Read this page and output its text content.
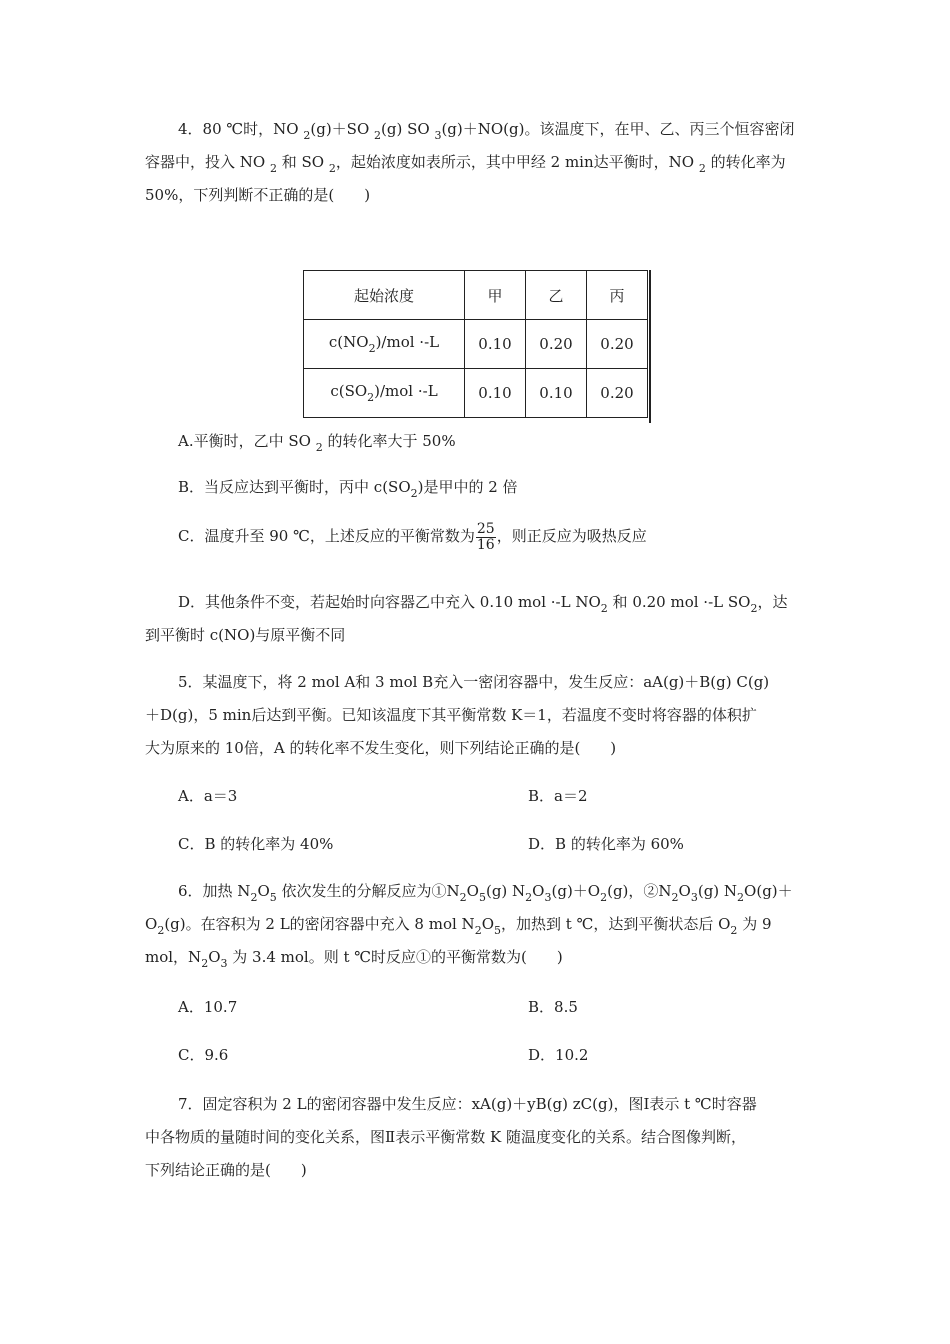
4．80 ℃时，NO $_2$(g)＋SO $_2$(g) SO $_3$(g)＋NO(g)。该温度下，在甲、乙、丙三个恒容密闭
容器中，投入 NO $_2$ 和 SO $_2$，起始浓度如表所示，其中甲经 2 min达平衡时，NO $_2$ 的转化率为
50%，下列判断不正确的是(　　)
起始浓度	甲	乙	丙
$c(NO_2)$/mol ·-L	0.10	0.20	0.20
$c(SO_2)$/mol ·-L	0.10	0.10	0.20
A.平衡时，乙中 SO $_2$ 的转化率大于 50%
B．当反应达到平衡时，丙中 $c(SO_2)$是甲中的 2 倍
C．温度升至 90 ℃，上述反应的平衡常数为 $\frac{25}{16}$ ，则正反应为吸热反应
D．其他条件不变，若起始时向容器乙中充入 0.10 mol ·-L $NO_2$ 和 0.20 mol ·-L $SO_2$，达
到平衡时 c(NO)与原平衡不同
5．某温度下，将 2 mol A和 3 mol B充入一密闭容器中，发生反应：aA(g)＋B(g) C(g)
＋D(g)，5 min后达到平衡。已知该温度下其平衡常数 K＝1，若温度不变时将容器的体积扩
大为原来的 10倍，A 的转化率不发生变化，则下列结论正确的是(　　)
A．a＝3	B．a＝2
C．B 的转化率为 40%	D．B 的转化率为 60%
6．加热 $N_2O_5$ 依次发生的分解反应为$①N_2O_5(g)$ $N_2O_3(g)+O_2(g)$，$②N_2O_3(g)$ $N_2O(g)+$
$O_2(g)$。在容积为 2 L的密闭容器中充入 8 mol $N_2O_5$，加热到 t ℃，达到平衡状态后 $O_2$ 为 9
mol，$N_2O_3$ 为 3.4 mol。则 t ℃时反应①的平衡常数为(　　)
A．10.7	B．8.5
C．9.6	D．10.2
7．固定容积为 2 L的密闭容器中发生反应：xA(g)＋yB(g) zC(g)，图Ⅰ表示 t ℃时容器
中各物质的量随时间的变化关系，图Ⅱ表示平衡常数 K 随温度变化的关系。结合图像判断，
下列结论正确的是(　　)
